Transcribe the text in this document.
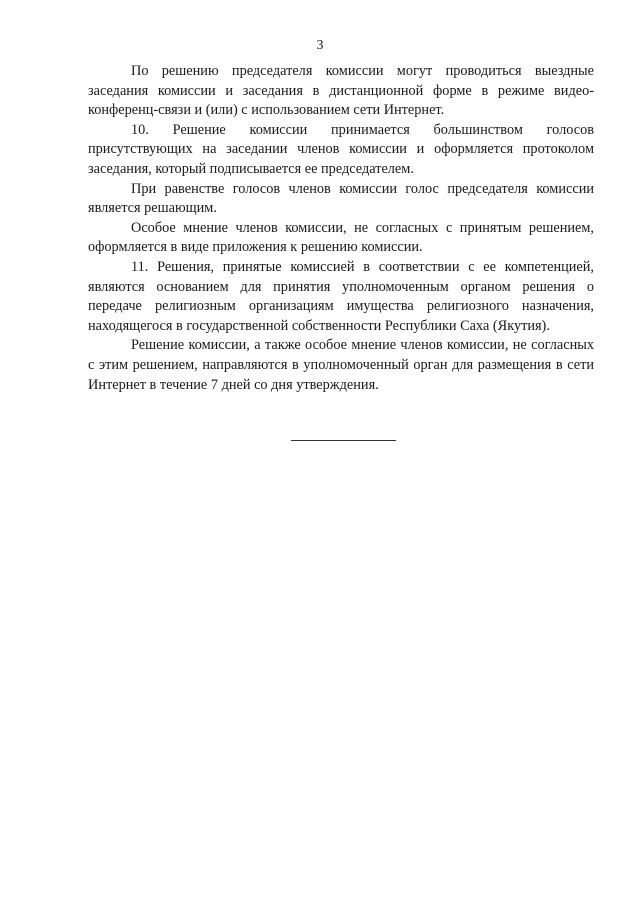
3

По решению председателя комиссии могут проводиться выездные заседания комиссии и заседания в дистанционной форме в режиме видео-конференц-связи и (или) с использованием сети Интернет.

10. Решение комиссии принимается большинством голосов присутствующих на заседании членов комиссии и оформляется протоколом заседания, который подписывается ее председателем.

При равенстве голосов членов комиссии голос председателя комиссии является решающим.

Особое мнение членов комиссии, не согласных с принятым решением, оформляется в виде приложения к решению комиссии.

11. Решения, принятые комиссией в соответствии с ее компетенцией, являются основанием для принятия уполномоченным органом решения о передаче религиозным организациям имущества религиозного назначения, находящегося в государственной собственности Республики Саха (Якутия).

Решение комиссии, а также особое мнение членов комиссии, не согласных с этим решением, направляются в уполномоченный орган для размещения в сети Интернет в течение 7 дней со дня утверждения.
